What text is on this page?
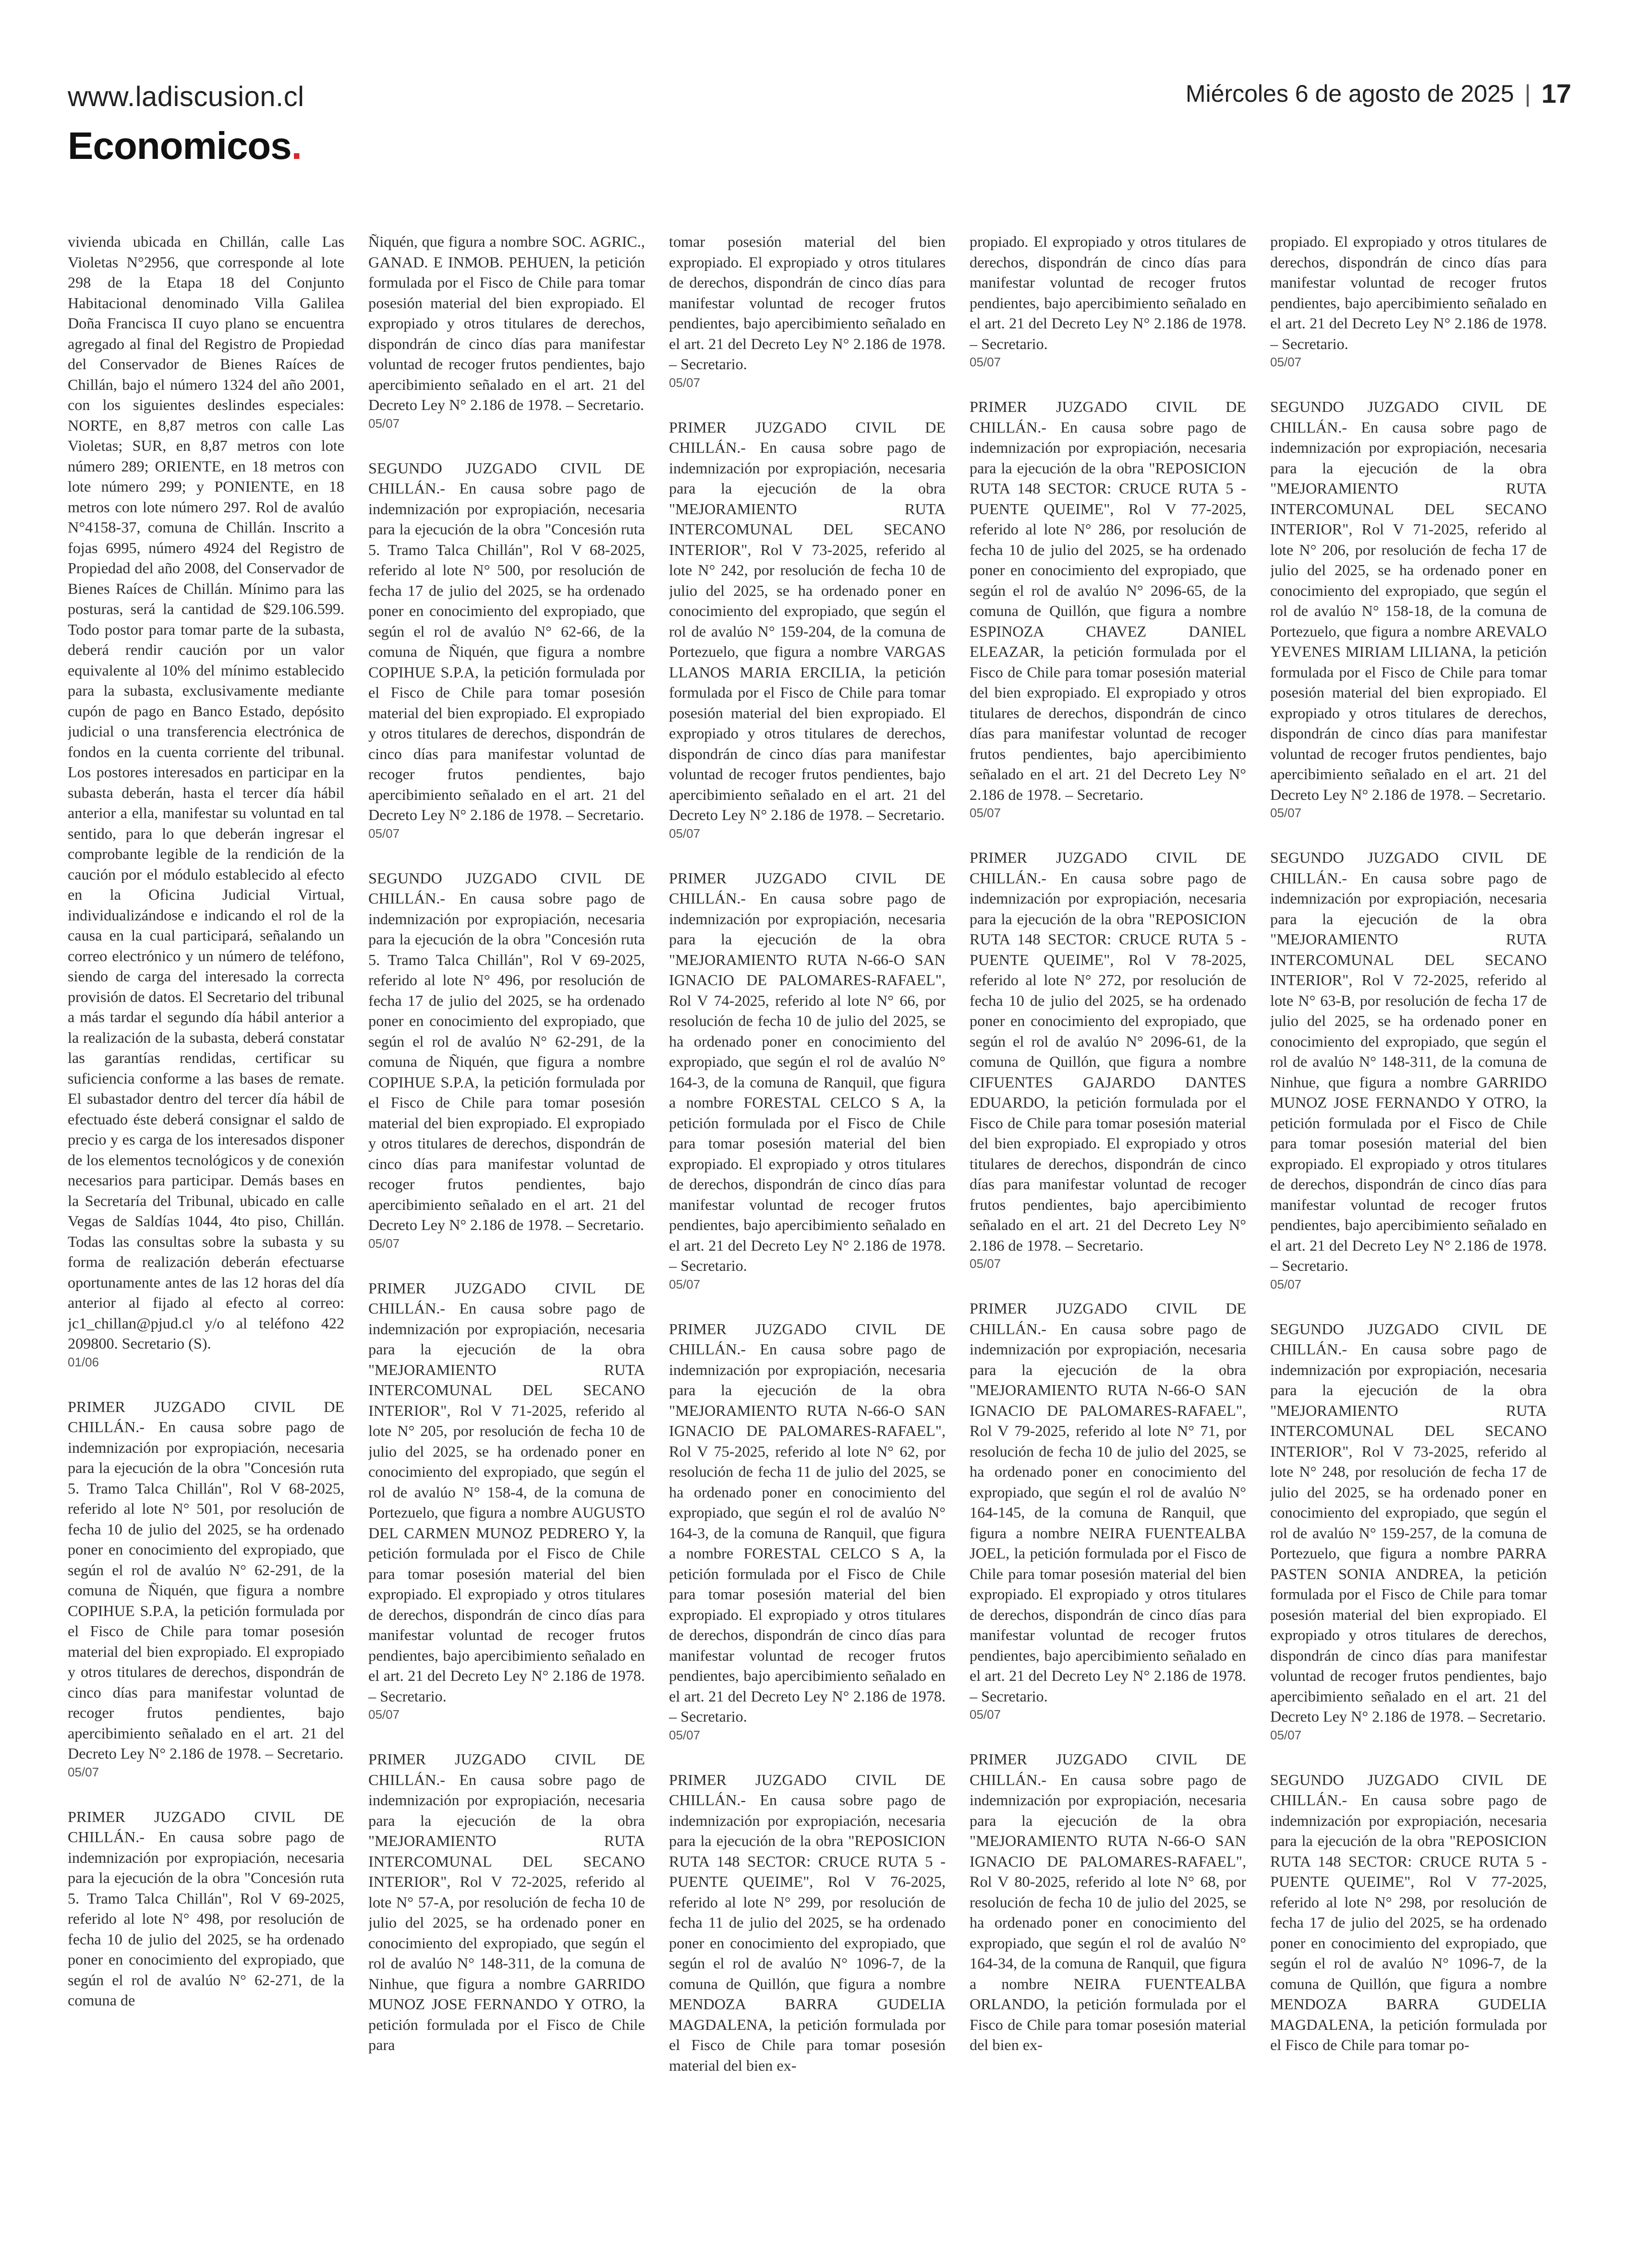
www.ladiscusion.cl	Miércoles 6 de agosto de 2025 | 17
Economicos.

vivienda ubicada en Chillán, calle Las Violetas N°2956, que corresponde al lote 298 de la Etapa 18 del Conjunto Habitacional denominado Villa Galilea Doña Francisca II cuyo plano se encuentra agregado al final del Registro de Propiedad del Conservador de Bienes Raíces de Chillán, bajo el número 1324 del año 2001, con los siguientes deslindes especiales: NORTE, en 8,87 metros con calle Las Violetas; SUR, en 8,87 metros con lote número 289; ORIENTE, en 18 metros con lote número 299; y PONIENTE, en 18 metros con lote número 297. Rol de avalúo N°4158-37, comuna de Chillán. Inscrito a fojas 6995, número 4924 del Registro de Propiedad del año 2008, del Conservador de Bienes Raíces de Chillán. Mínimo para las posturas, será la cantidad de $29.106.599. Todo postor para tomar parte de la subasta, deberá rendir caución por un valor equivalente al 10% del mínimo establecido para la subasta, exclusivamente mediante cupón de pago en Banco Estado, depósito judicial o una transferencia electrónica de fondos en la cuenta corriente del tribunal. Los postores interesados en participar en la subasta deberán, hasta el tercer día hábil anterior a ella, manifestar su voluntad en tal sentido, para lo que deberán ingresar el comprobante legible de la rendición de la caución por el módulo establecido al efecto en la Oficina Judicial Virtual, individualizándose e indicando el rol de la causa en la cual participará, señalando un correo electrónico y un número de teléfono, siendo de carga del interesado la correcta provisión de datos. El Secretario del tribunal a más tardar el segundo día hábil anterior a la realización de la subasta, deberá constatar las garantías rendidas, certificar su suficiencia conforme a las bases de remate. El subastador dentro del tercer día hábil de efectuado éste deberá consignar el saldo de precio y es carga de los interesados disponer de los elementos tecnológicos y de conexión necesarios para participar. Demás bases en la Secretaría del Tribunal, ubicado en calle Vegas de Saldías 1044, 4to piso, Chillán. Todas las consultas sobre la subasta y su forma de realización deberán efectuarse oportunamente antes de las 12 horas del día anterior al fijado al efecto al correo: jc1_chillan@pjud.cl y/o al teléfono 422 209800. Secretario (S).

01/06

PRIMER JUZGADO CIVIL DE CHILLÁN.- En causa sobre pago de indemnización por expropiación, necesaria para la ejecución de la obra "Concesión ruta 5. Tramo Talca Chillán", Rol V 68-2025, referido al lote N° 501, por resolución de fecha 10 de julio del 2025, se ha ordenado poner en conocimiento del expropiado, que según el rol de avalúo N° 62-291, de la comuna de Ñiquén, que figura a nombre COPIHUE S.P.A, la petición formulada por el Fisco de Chile para tomar posesión material del bien expropiado. El expropiado y otros titulares de derechos, dispondrán de cinco días para manifestar voluntad de recoger frutos pendientes, bajo apercibimiento señalado en el art. 21 del Decreto Ley N° 2.186 de 1978. – Secretario.

05/07

PRIMER JUZGADO CIVIL DE CHILLÁN.- En causa sobre pago de indemnización por expropiación, necesaria para la ejecución de la obra "Concesión ruta 5. Tramo Talca Chillán", Rol V 69-2025, referido al lote N° 498, por resolución de fecha 10 de julio del 2025, se ha ordenado poner en conocimiento del expropiado, que según el rol de avalúo N° 62-271, de la comuna de

Ñiquén, que figura a nombre SOC. AGRIC., GANAD. E INMOB. PEHUEN, la petición formulada por el Fisco de Chile para tomar posesión material del bien expropiado. El expropiado y otros titulares de derechos, dispondrán de cinco días para manifestar voluntad de recoger frutos pendientes, bajo apercibimiento señalado en el art. 21 del Decreto Ley N° 2.186 de 1978. – Secretario.

05/07

SEGUNDO JUZGADO CIVIL DE CHILLÁN.- En causa sobre pago de indemnización por expropiación, necesaria para la ejecución de la obra "Concesión ruta 5. Tramo Talca Chillán", Rol V 68-2025, referido al lote N° 500, por resolución de fecha 17 de julio del 2025, se ha ordenado poner en conocimiento del expropiado, que según el rol de avalúo N° 62-66, de la comuna de Ñiquén, que figura a nombre COPIHUE S.P.A, la petición formulada por el Fisco de Chile para tomar posesión material del bien expropiado. El expropiado y otros titulares de derechos, dispondrán de cinco días para manifestar voluntad de recoger frutos pendientes, bajo apercibimiento señalado en el art. 21 del Decreto Ley N° 2.186 de 1978. – Secretario.

05/07

SEGUNDO JUZGADO CIVIL DE CHILLÁN.- En causa sobre pago de indemnización por expropiación, necesaria para la ejecución de la obra "Concesión ruta 5. Tramo Talca Chillán", Rol V 69-2025, referido al lote N° 496, por resolución de fecha 17 de julio del 2025, se ha ordenado poner en conocimiento del expropiado, que según el rol de avalúo N° 62-291, de la comuna de Ñiquén, que figura a nombre COPIHUE S.P.A, la petición formulada por el Fisco de Chile para tomar posesión material del bien expropiado. El expropiado y otros titulares de derechos, dispondrán de cinco días para manifestar voluntad de recoger frutos pendientes, bajo apercibimiento señalado en el art. 21 del Decreto Ley N° 2.186 de 1978. – Secretario.

05/07

PRIMER JUZGADO CIVIL DE CHILLÁN.- En causa sobre pago de indemnización por expropiación, necesaria para la ejecución de la obra "MEJORAMIENTO RUTA INTERCOMUNAL DEL SECANO INTERIOR", Rol V 71-2025, referido al lote N° 205, por resolución de fecha 10 de julio del 2025, se ha ordenado poner en conocimiento del expropiado, que según el rol de avalúo N° 158-4, de la comuna de Portezuelo, que figura a nombre AUGUSTO DEL CARMEN MUNOZ PEDRERO Y, la petición formulada por el Fisco de Chile para tomar posesión material del bien expropiado. El expropiado y otros titulares de derechos, dispondrán de cinco días para manifestar voluntad de recoger frutos pendientes, bajo apercibimiento señalado en el art. 21 del Decreto Ley N° 2.186 de 1978. – Secretario.

05/07

PRIMER JUZGADO CIVIL DE CHILLÁN.- En causa sobre pago de indemnización por expropiación, necesaria para la ejecución de la obra "MEJORAMIENTO RUTA INTERCOMUNAL DEL SECANO INTERIOR", Rol V 72-2025, referido al lote N° 57-A, por resolución de fecha 10 de julio del 2025, se ha ordenado poner en conocimiento del expropiado, que según el rol de avalúo N° 148-311, de la comuna de Ninhue, que figura a nombre GARRIDO MUNOZ JOSE FERNANDO Y OTRO, la petición formulada por el Fisco de Chile para

tomar posesión material del bien expropiado. El expropiado y otros titulares de derechos, dispondrán de cinco días para manifestar voluntad de recoger frutos pendientes, bajo apercibimiento señalado en el art. 21 del Decreto Ley N° 2.186 de 1978. – Secretario.

05/07

PRIMER JUZGADO CIVIL DE CHILLÁN.- En causa sobre pago de indemnización por expropiación, necesaria para la ejecución de la obra "MEJORAMIENTO RUTA INTERCOMUNAL DEL SECANO INTERIOR", Rol V 73-2025, referido al lote N° 242, por resolución de fecha 10 de julio del 2025, se ha ordenado poner en conocimiento del expropiado, que según el rol de avalúo N° 159-204, de la comuna de Portezuelo, que figura a nombre VARGAS LLANOS MARIA ERCILIA, la petición formulada por el Fisco de Chile para tomar posesión material del bien expropiado. El expropiado y otros titulares de derechos, dispondrán de cinco días para manifestar voluntad de recoger frutos pendientes, bajo apercibimiento señalado en el art. 21 del Decreto Ley N° 2.186 de 1978. – Secretario.

05/07

PRIMER JUZGADO CIVIL DE CHILLÁN.- En causa sobre pago de indemnización por expropiación, necesaria para la ejecución de la obra "MEJORAMIENTO RUTA N-66-O SAN IGNACIO DE PALOMARES-RAFAEL", Rol V 74-2025, referido al lote N° 66, por resolución de fecha 10 de julio del 2025, se ha ordenado poner en conocimiento del expropiado, que según el rol de avalúo N° 164-3, de la comuna de Ranquil, que figura a nombre FORESTAL CELCO S A, la petición formulada por el Fisco de Chile para tomar posesión material del bien expropiado. El expropiado y otros titulares de derechos, dispondrán de cinco días para manifestar voluntad de recoger frutos pendientes, bajo apercibimiento señalado en el art. 21 del Decreto Ley N° 2.186 de 1978. – Secretario.

05/07

PRIMER JUZGADO CIVIL DE CHILLÁN.- En causa sobre pago de indemnización por expropiación, necesaria para la ejecución de la obra "MEJORAMIENTO RUTA N-66-O SAN IGNACIO DE PALOMARES-RAFAEL", Rol V 75-2025, referido al lote N° 62, por resolución de fecha 11 de julio del 2025, se ha ordenado poner en conocimiento del expropiado, que según el rol de avalúo N° 164-3, de la comuna de Ranquil, que figura a nombre FORESTAL CELCO S A, la petición formulada por el Fisco de Chile para tomar posesión material del bien expropiado. El expropiado y otros titulares de derechos, dispondrán de cinco días para manifestar voluntad de recoger frutos pendientes, bajo apercibimiento señalado en el art. 21 del Decreto Ley N° 2.186 de 1978. – Secretario.

05/07

PRIMER JUZGADO CIVIL DE CHILLÁN.- En causa sobre pago de indemnización por expropiación, necesaria para la ejecución de la obra "REPOSICION RUTA 148 SECTOR: CRUCE RUTA 5 - PUENTE QUEIME", Rol V 76-2025, referido al lote N° 299, por resolución de fecha 11 de julio del 2025, se ha ordenado poner en conocimiento del expropiado, que según el rol de avalúo N° 1096-7, de la comuna de Quillón, que figura a nombre MENDOZA BARRA GUDELIA MAGDALENA, la petición formulada por el Fisco de Chile para tomar posesión material del bien ex-

propiado. El expropiado y otros titulares de derechos, dispondrán de cinco días para manifestar voluntad de recoger frutos pendientes, bajo apercibimiento señalado en el art. 21 del Decreto Ley N° 2.186 de 1978. – Secretario.

05/07

PRIMER JUZGADO CIVIL DE CHILLÁN.- En causa sobre pago de indemnización por expropiación, necesaria para la ejecución de la obra "REPOSICION RUTA 148 SECTOR: CRUCE RUTA 5 - PUENTE QUEIME", Rol V 77-2025, referido al lote N° 286, por resolución de fecha 10 de julio del 2025, se ha ordenado poner en conocimiento del expropiado, que según el rol de avalúo N° 2096-65, de la comuna de Quillón, que figura a nombre ESPINOZA CHAVEZ DANIEL ELEAZAR, la petición formulada por el Fisco de Chile para tomar posesión material del bien expropiado. El expropiado y otros titulares de derechos, dispondrán de cinco días para manifestar voluntad de recoger frutos pendientes, bajo apercibimiento señalado en el art. 21 del Decreto Ley N° 2.186 de 1978. – Secretario.

05/07

PRIMER JUZGADO CIVIL DE CHILLÁN.- En causa sobre pago de indemnización por expropiación, necesaria para la ejecución de la obra "REPOSICION RUTA 148 SECTOR: CRUCE RUTA 5 - PUENTE QUEIME", Rol V 78-2025, referido al lote N° 272, por resolución de fecha 10 de julio del 2025, se ha ordenado poner en conocimiento del expropiado, que según el rol de avalúo N° 2096-61, de la comuna de Quillón, que figura a nombre CIFUENTES GAJARDO DANTES EDUARDO, la petición formulada por el Fisco de Chile para tomar posesión material del bien expropiado. El expropiado y otros titulares de derechos, dispondrán de cinco días para manifestar voluntad de recoger frutos pendientes, bajo apercibimiento señalado en el art. 21 del Decreto Ley N° 2.186 de 1978. – Secretario.

05/07

PRIMER JUZGADO CIVIL DE CHILLÁN.- En causa sobre pago de indemnización por expropiación, necesaria para la ejecución de la obra "MEJORAMIENTO RUTA N-66-O SAN IGNACIO DE PALOMARES-RAFAEL", Rol V 79-2025, referido al lote N° 71, por resolución de fecha 10 de julio del 2025, se ha ordenado poner en conocimiento del expropiado, que según el rol de avalúo N° 164-145, de la comuna de Ranquil, que figura a nombre NEIRA FUENTEALBA JOEL, la petición formulada por el Fisco de Chile para tomar posesión material del bien expropiado. El expropiado y otros titulares de derechos, dispondrán de cinco días para manifestar voluntad de recoger frutos pendientes, bajo apercibimiento señalado en el art. 21 del Decreto Ley N° 2.186 de 1978. – Secretario.

05/07

PRIMER JUZGADO CIVIL DE CHILLÁN.- En causa sobre pago de indemnización por expropiación, necesaria para la ejecución de la obra "MEJORAMIENTO RUTA N-66-O SAN IGNACIO DE PALOMARES-RAFAEL", Rol V 80-2025, referido al lote N° 68, por resolución de fecha 10 de julio del 2025, se ha ordenado poner en conocimiento del expropiado, que según el rol de avalúo N° 164-34, de la comuna de Ranquil, que figura a nombre NEIRA FUENTEALBA ORLANDO, la petición formulada por el Fisco de Chile para tomar posesión material del bien ex-

propiado. El expropiado y otros titulares de derechos, dispondrán de cinco días para manifestar voluntad de recoger frutos pendientes, bajo apercibimiento señalado en el art. 21 del Decreto Ley N° 2.186 de 1978. – Secretario.

05/07

SEGUNDO JUZGADO CIVIL DE CHILLÁN.- En causa sobre pago de indemnización por expropiación, necesaria para la ejecución de la obra "MEJORAMIENTO RUTA INTERCOMUNAL DEL SECANO INTERIOR", Rol V 71-2025, referido al lote N° 206, por resolución de fecha 17 de julio del 2025, se ha ordenado poner en conocimiento del expropiado, que según el rol de avalúo N° 158-18, de la comuna de Portezuelo, que figura a nombre AREVALO YEVENES MIRIAM LILIANA, la petición formulada por el Fisco de Chile para tomar posesión material del bien expropiado. El expropiado y otros titulares de derechos, dispondrán de cinco días para manifestar voluntad de recoger frutos pendientes, bajo apercibimiento señalado en el art. 21 del Decreto Ley N° 2.186 de 1978. – Secretario.

05/07

SEGUNDO JUZGADO CIVIL DE CHILLÁN.- En causa sobre pago de indemnización por expropiación, necesaria para la ejecución de la obra "MEJORAMIENTO RUTA INTERCOMUNAL DEL SECANO INTERIOR", Rol V 72-2025, referido al lote N° 63-B, por resolución de fecha 17 de julio del 2025, se ha ordenado poner en conocimiento del expropiado, que según el rol de avalúo N° 148-311, de la comuna de Ninhue, que figura a nombre GARRIDO MUNOZ JOSE FERNANDO Y OTRO, la petición formulada por el Fisco de Chile para tomar posesión material del bien expropiado. El expropiado y otros titulares de derechos, dispondrán de cinco días para manifestar voluntad de recoger frutos pendientes, bajo apercibimiento señalado en el art. 21 del Decreto Ley N° 2.186 de 1978. – Secretario.

05/07

SEGUNDO JUZGADO CIVIL DE CHILLÁN.- En causa sobre pago de indemnización por expropiación, necesaria para la ejecución de la obra "MEJORAMIENTO RUTA INTERCOMUNAL DEL SECANO INTERIOR", Rol V 73-2025, referido al lote N° 248, por resolución de fecha 17 de julio del 2025, se ha ordenado poner en conocimiento del expropiado, que según el rol de avalúo N° 159-257, de la comuna de Portezuelo, que figura a nombre PARRA PASTEN SONIA ANDREA, la petición formulada por el Fisco de Chile para tomar posesión material del bien expropiado. El expropiado y otros titulares de derechos, dispondrán de cinco días para manifestar voluntad de recoger frutos pendientes, bajo apercibimiento señalado en el art. 21 del Decreto Ley N° 2.186 de 1978. – Secretario.

05/07

SEGUNDO JUZGADO CIVIL DE CHILLÁN.- En causa sobre pago de indemnización por expropiación, necesaria para la ejecución de la obra "REPOSICION RUTA 148 SECTOR: CRUCE RUTA 5 - PUENTE QUEIME", Rol V 77-2025, referido al lote N° 298, por resolución de fecha 17 de julio del 2025, se ha ordenado poner en conocimiento del expropiado, que según el rol de avalúo N° 1096-7, de la comuna de Quillón, que figura a nombre MENDOZA BARRA GUDELIA MAGDALENA, la petición formulada por el Fisco de Chile para tomar po-
